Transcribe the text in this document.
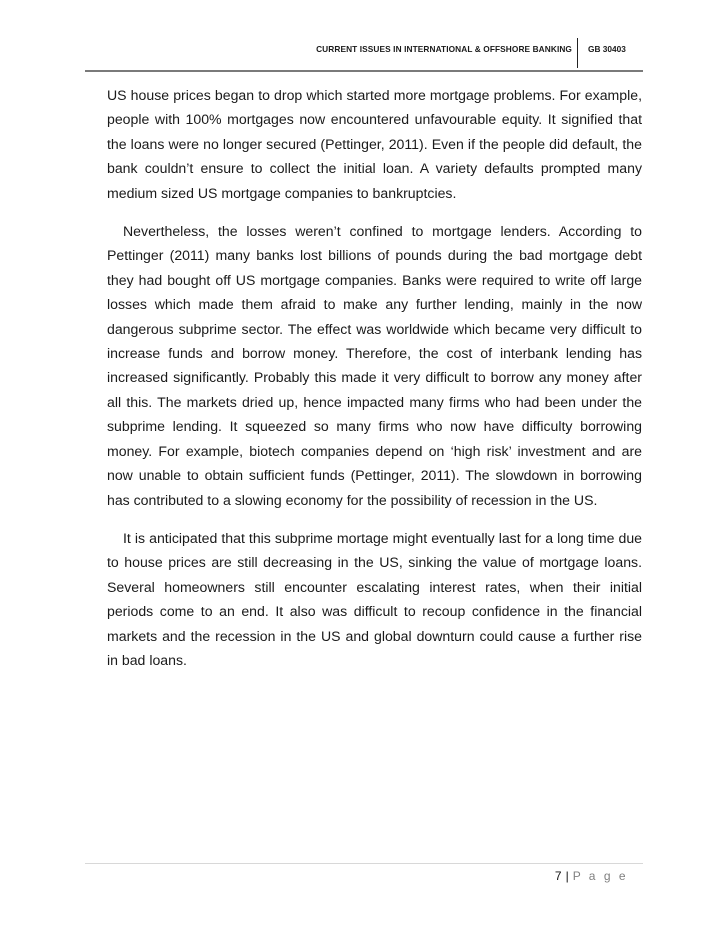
CURRENT ISSUES IN INTERNATIONAL & OFFSHORE BANKING GB 30403

US house prices began to drop which started more mortgage problems. For example, people with 100% mortgages now encountered unfavourable equity. It signified that the loans were no longer secured (Pettinger, 2011). Even if the people did default, the bank couldn’t ensure to collect the initial loan. A variety defaults prompted many medium sized US mortgage companies to bankruptcies.

Nevertheless, the losses weren’t confined to mortgage lenders. According to Pettinger (2011) many banks lost billions of pounds during the bad mortgage debt they had bought off US mortgage companies. Banks were required to write off large losses which made them afraid to make any further lending, mainly in the now dangerous subprime sector. The effect was worldwide which became very difficult to increase funds and borrow money. Therefore, the cost of interbank lending has increased significantly. Probably this made it very difficult to borrow any money after all this. The markets dried up, hence impacted many firms who had been under the subprime lending. It squeezed so many firms who now have difficulty borrowing money. For example, biotech companies depend on ‘high risk’ investment and are now unable to obtain sufficient funds (Pettinger, 2011). The slowdown in borrowing has contributed to a slowing economy for the possibility of recession in the US.

It is anticipated that this subprime mortage might eventually last for a long time due to house prices are still decreasing in the US, sinking the value of mortgage loans. Several homeowners still encounter escalating interest rates, when their initial periods come to an end. It also was difficult to recoup confidence in the financial markets and the recession in the US and global downturn could cause a further rise in bad loans.

7 | P a g e
